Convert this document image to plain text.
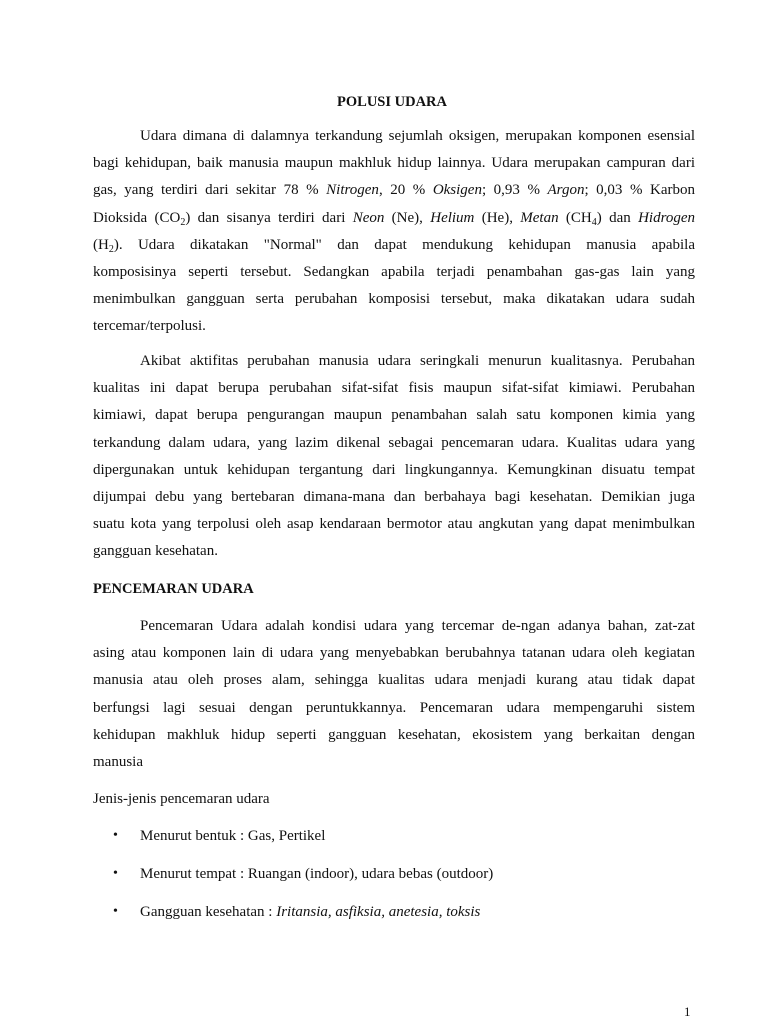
POLUSI UDARA
Udara dimana di dalamnya terkandung sejumlah oksigen, merupakan komponen esensial
bagi kehidupan, baik manusia maupun makhluk hidup lainnya. Udara merupakan campuran dari
gas, yang terdiri dari sekitar 78 % Nitrogen, 20 % Oksigen; 0,93 % Argon; 0,03 % Karbon
Dioksida $(CO_2)$ dan sisanya terdiri dari Neon (Ne), Helium (He), Metan $(CH_4)$ dan Hidrogen
$(H_2)$. Udara dikatakan "Normal" dan dapat mendukung kehidupan manusia apabila
komposisinya seperti tersebut. Sedangkan apabila terjadi penambahan gas-gas lain yang
menimbulkan gangguan serta perubahan komposisi tersebut, maka dikatakan udara sudah
tercemar/terpolusi.
Akibat aktifitas perubahan manusia udara seringkali menurun kualitasnya. Perubahan
kualitas ini dapat berupa perubahan sifat-sifat fisis maupun sifat-sifat kimiawi. Perubahan
kimiawi, dapat berupa pengurangan maupun penambahan salah satu komponen kimia yang
terkandung dalam udara, yang lazim dikenal sebagai pencemaran udara. Kualitas udara yang
dipergunakan untuk kehidupan tergantung dari lingkungannya. Kemungkinan disuatu tempat
dijumpai debu yang bertebaran dimana-mana dan berbahaya bagi kesehatan. Demikian juga
suatu kota yang terpolusi oleh asap kendaraan bermotor atau angkutan yang dapat menimbulkan
gangguan kesehatan.
PENCEMARAN UDARA
Pencemaran Udara adalah kondisi udara yang tercemar de-ngan adanya bahan, zat-zat
asing atau komponen lain di udara yang menyebabkan berubahnya tatanan udara oleh kegiatan
manusia atau oleh proses alam, sehingga kualitas udara menjadi kurang atau tidak dapat
berfungsi lagi sesuai dengan peruntukkannya. Pencemaran udara mempengaruhi sistem
kehidupan makhluk hidup seperti gangguan kesehatan, ekosistem yang berkaitan dengan
manusia
Jenis-jenis pencemaran udara
•	Menurut bentuk : Gas, Pertikel
•	Menurut tempat : Ruangan (indoor), udara bebas (outdoor)
•	Gangguan kesehatan : Iritansia, asfiksia, anetesia, toksis
1
